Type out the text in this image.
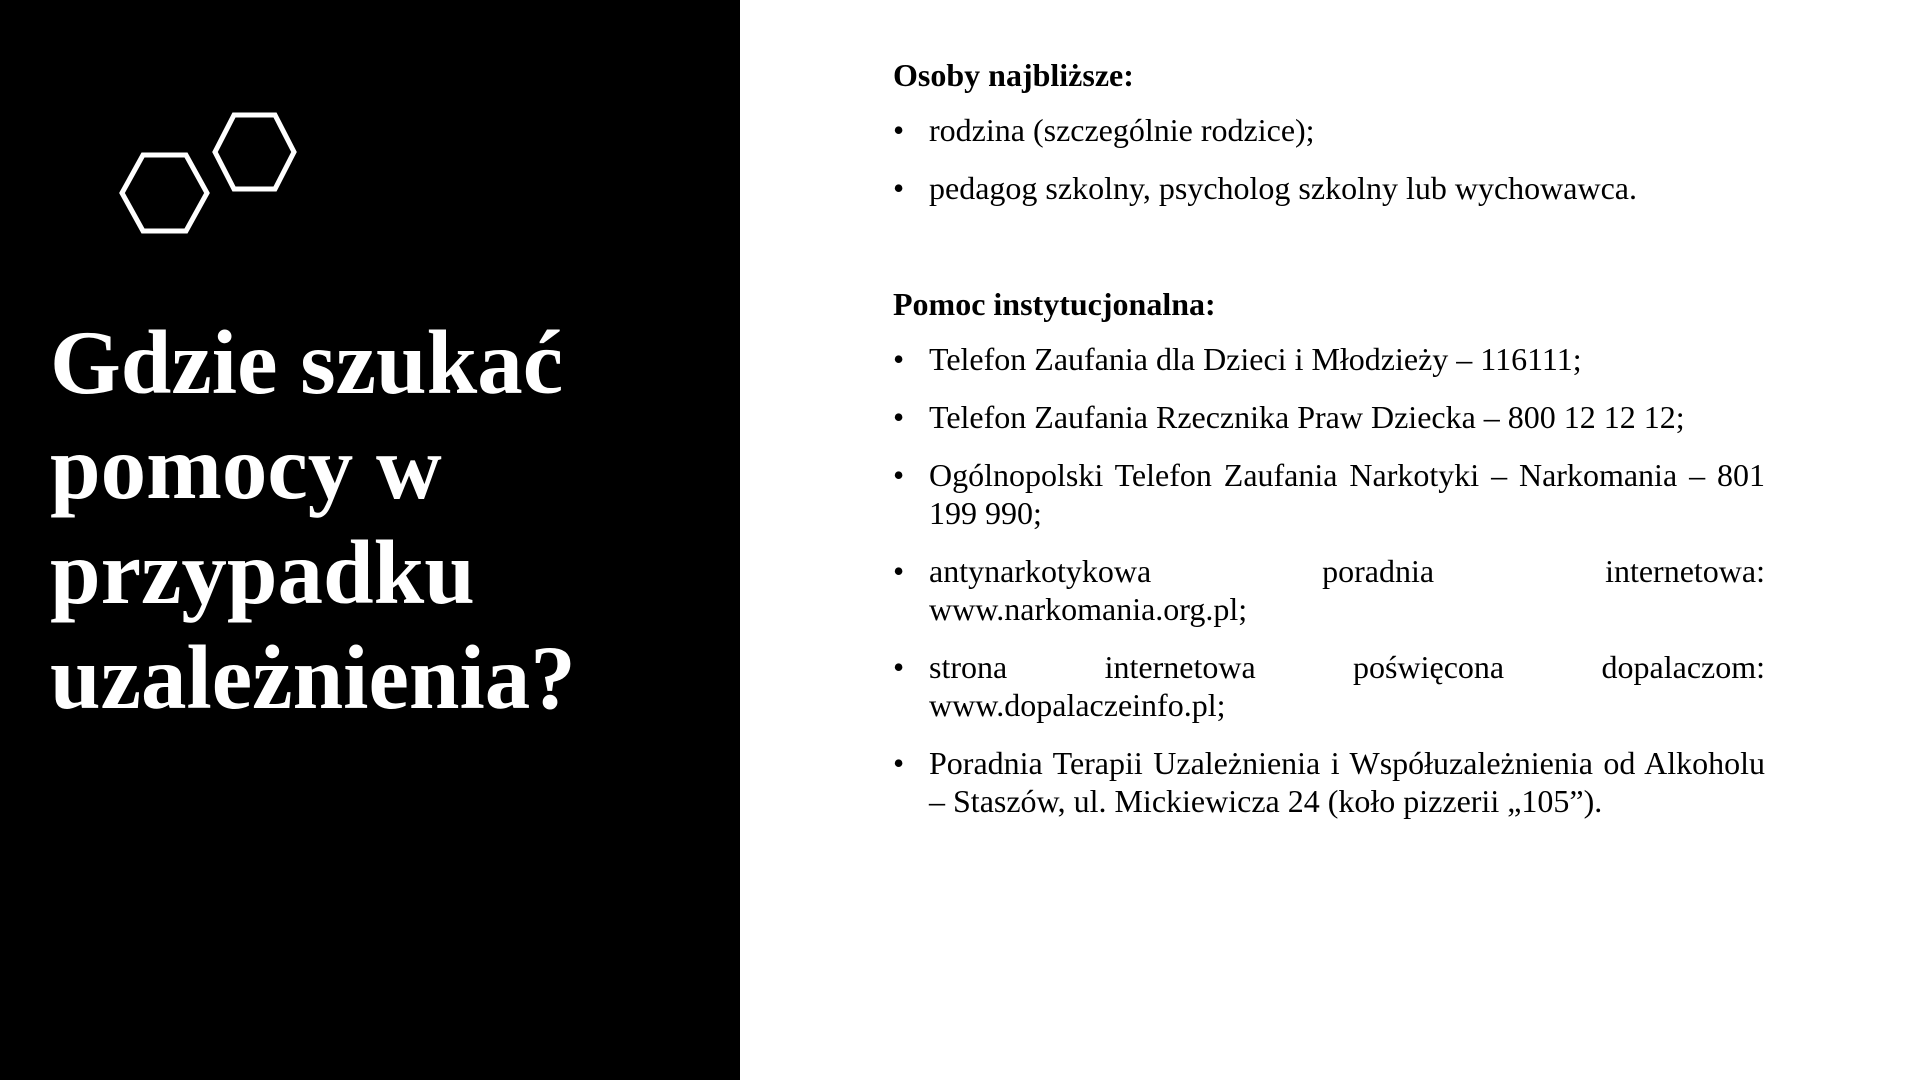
Gdzie szukać pomocy w przypadku uzależnienia?

Osoby najbliższe:

• rodzina (szczególnie rodzice);
• pedagog szkolny, psycholog szkolny lub wychowawca.

Pomoc instytucjonalna:

• Telefon Zaufania dla Dzieci i Młodzieży – 116111;
• Telefon Zaufania Rzecznika Praw Dziecka – 800 12 12 12;
• Ogólnopolski Telefon Zaufania Narkotyki – Narkomania – 801 199 990;
• antynarkotykowa poradnia internetowa: www.narkomania.org.pl;
• strona internetowa poświęcona dopalaczom: www.dopalaczeinfo.pl;
• Poradnia Terapii Uzależnienia i Współuzależnienia od Alkoholu – Staszów, ul. Mickiewicza 24 (koło pizzerii „105”).
